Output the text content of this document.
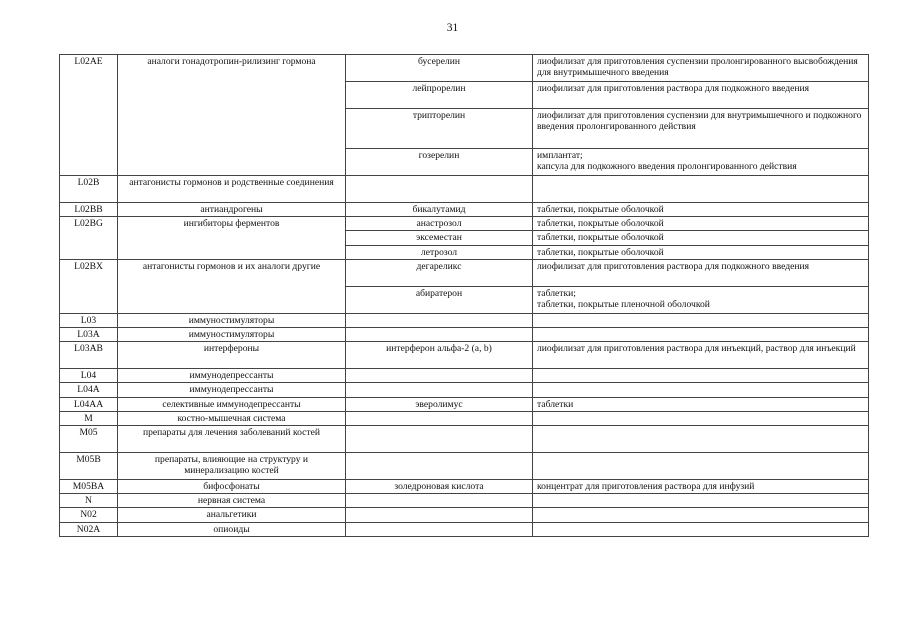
31
L02AE	аналоги гонадотропин-рилизинг гормона	бусерелин	лиофилизат для приготовления суспензии пролонгированного высвобождения для внутримышечного введения
		лейпрорелин	лиофилизат для приготовления раствора для подкожного введения
		трипторелин	лиофилизат для приготовления суспензии для внутримышечного и подкожного введения пролонгированного действия
		гозерелин	имплантат;
капсула для подкожного введения пролонгированного действия
L02B	антагонисты гормонов и родственные соединения		
L02BB	антиандрогены	бикалутамид	таблетки, покрытые оболочкой
L02BG	ингибиторы ферментов	анастрозол	таблетки, покрытые оболочкой
		эксеместан	таблетки, покрытые оболочкой
		летрозол	таблетки, покрытые оболочкой
L02BX	антагонисты гормонов и их аналоги другие	дегареликс	лиофилизат для приготовления раствора для подкожного введения
		абиратерон	таблетки;
таблетки, покрытые пленочной оболочкой
L03	иммуностимуляторы		
L03A	иммуностимуляторы		
L03AB	интерфероны	интерферон альфа-2 (a, b)	лиофилизат для приготовления раствора для инъекций, раствор для инъекций
L04	иммунодепрессанты		
L04A	иммунодепрессанты		
L04AA	селективные иммунодепрессанты	эверолимус	таблетки
M	костно-мышечная система		
M05	препараты для лечения заболеваний костей		
M05B	препараты, влияющие на структуру и минерализацию костей		
M05BA	бифосфонаты	золедроновая кислота	концентрат для приготовления раствора для инфузий
N	нервная система		
N02	анальгетики		
N02A	опиоиды		
